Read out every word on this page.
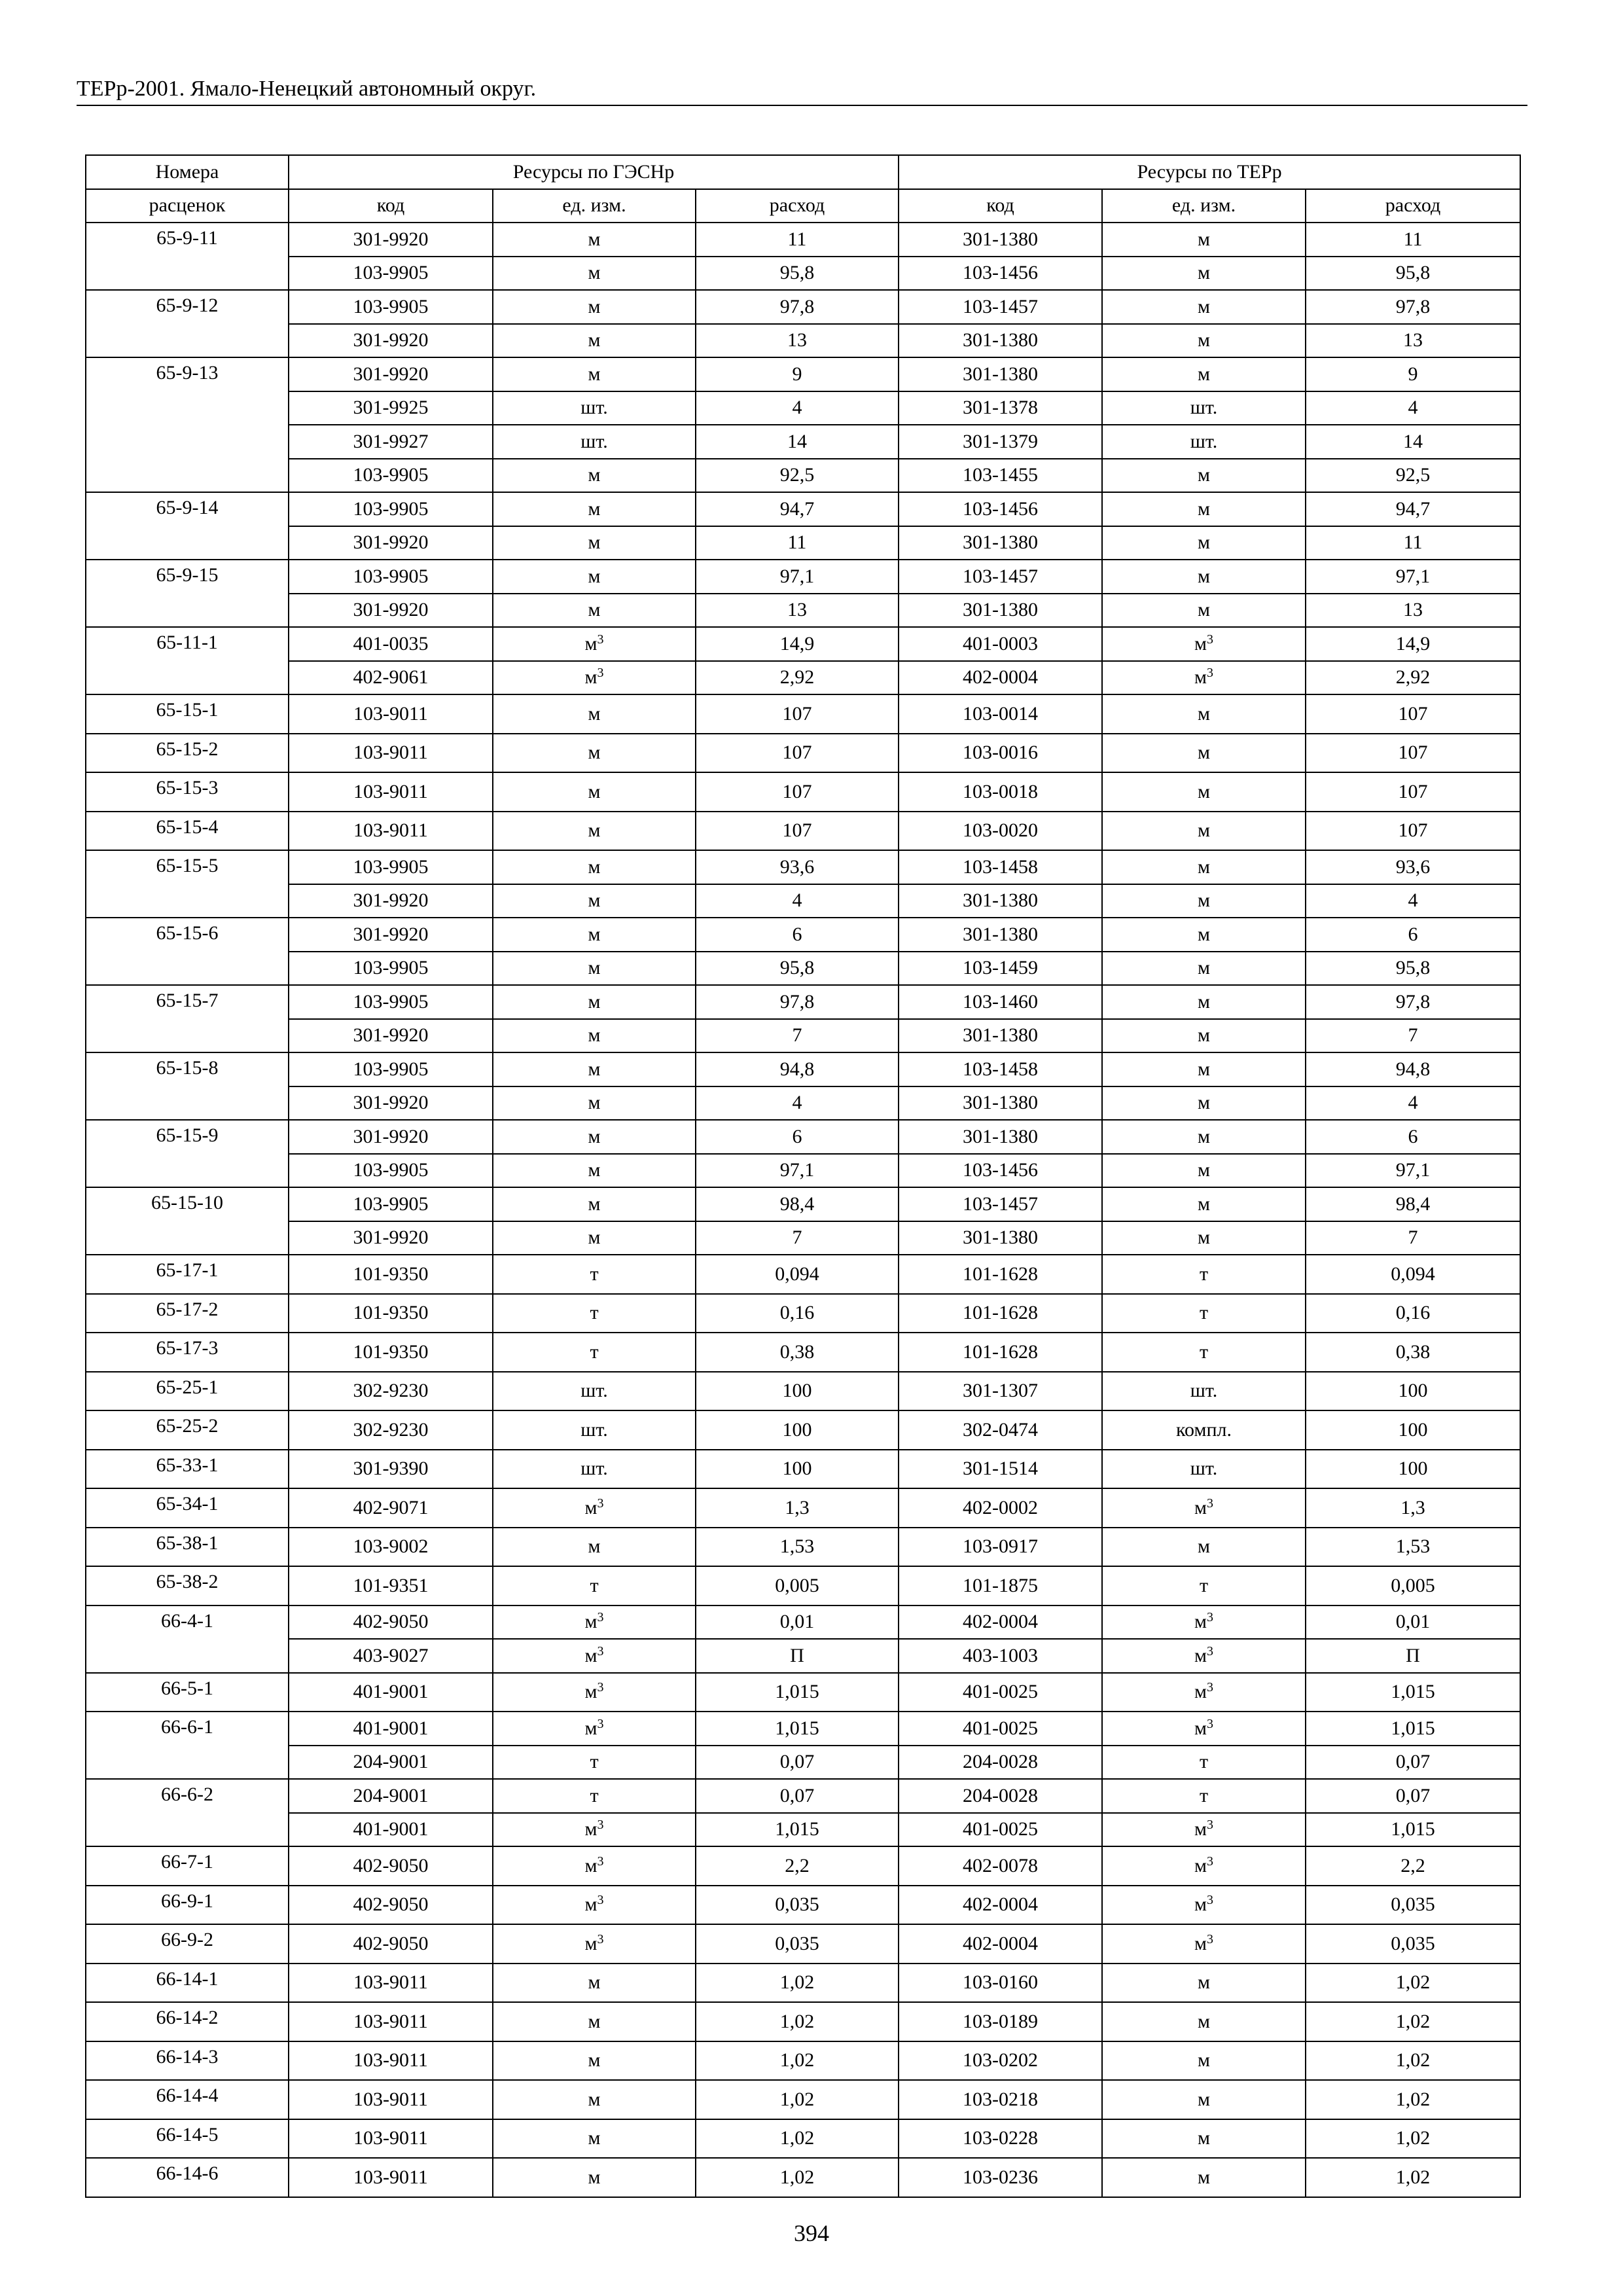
ТЕРр-2001. Ямало-Ненецкий автономный округ.
Номера	Ресурсы по ГЭСНр			Ресурсы по ТЕРр		
расценок	код	ед. изм.	расход	код	ед. изм.	расход
65-9-11	301-9920	м	11	301-1380	м	11
	103-9905	м	95,8	103-1456	м	95,8
65-9-12	103-9905	м	97,8	103-1457	м	97,8
	301-9920	м	13	301-1380	м	13
65-9-13	301-9920	м	9	301-1380	м	9
	301-9925	шт.	4	301-1378	шт.	4
	301-9927	шт.	14	301-1379	шт.	14
	103-9905	м	92,5	103-1455	м	92,5
65-9-14	103-9905	м	94,7	103-1456	м	94,7
	301-9920	м	11	301-1380	м	11
65-9-15	103-9905	м	97,1	103-1457	м	97,1
	301-9920	м	13	301-1380	м	13
65-11-1	401-0035	$м^3$	14,9	401-0003	$м^3$	14,9
	402-9061	$м^3$	2,92	402-0004	$м^3$	2,92
65-15-1	103-9011	м	107	103-0014	м	107
65-15-2	103-9011	м	107	103-0016	м	107
65-15-3	103-9011	м	107	103-0018	м	107
65-15-4	103-9011	м	107	103-0020	м	107
65-15-5	103-9905	м	93,6	103-1458	м	93,6
	301-9920	м	4	301-1380	м	4
65-15-6	301-9920	м	6	301-1380	м	6
	103-9905	м	95,8	103-1459	м	95,8
65-15-7	103-9905	м	97,8	103-1460	м	97,8
	301-9920	м	7	301-1380	м	7
65-15-8	103-9905	м	94,8	103-1458	м	94,8
	301-9920	м	4	301-1380	м	4
65-15-9	301-9920	м	6	301-1380	м	6
	103-9905	м	97,1	103-1456	м	97,1
65-15-10	103-9905	м	98,4	103-1457	м	98,4
	301-9920	м	7	301-1380	м	7
65-17-1	101-9350	т	0,094	101-1628	т	0,094
65-17-2	101-9350	т	0,16	101-1628	т	0,16
65-17-3	101-9350	т	0,38	101-1628	т	0,38
65-25-1	302-9230	шт.	100	301-1307	шт.	100
65-25-2	302-9230	шт.	100	302-0474	компл.	100
65-33-1	301-9390	шт.	100	301-1514	шт.	100
65-34-1	402-9071	$м^3$	1,3	402-0002	$м^3$	1,3
65-38-1	103-9002	м	1,53	103-0917	м	1,53
65-38-2	101-9351	т	0,005	101-1875	т	0,005
66-4-1	402-9050	$м^3$	0,01	402-0004	$м^3$	0,01
	403-9027	$м^3$	П	403-1003	$м^3$	П
66-5-1	401-9001	$м^3$	1,015	401-0025	$м^3$	1,015
66-6-1	401-9001	$м^3$	1,015	401-0025	$м^3$	1,015
	204-9001	т	0,07	204-0028	т	0,07
66-6-2	204-9001	т	0,07	204-0028	т	0,07
	401-9001	$м^3$	1,015	401-0025	$м^3$	1,015
66-7-1	402-9050	$м^3$	2,2	402-0078	$м^3$	2,2
66-9-1	402-9050	$м^3$	0,035	402-0004	$м^3$	0,035
66-9-2	402-9050	$м^3$	0,035	402-0004	$м^3$	0,035
66-14-1	103-9011	м	1,02	103-0160	м	1,02
66-14-2	103-9011	м	1,02	103-0189	м	1,02
66-14-3	103-9011	м	1,02	103-0202	м	1,02
66-14-4	103-9011	м	1,02	103-0218	м	1,02
66-14-5	103-9011	м	1,02	103-0228	м	1,02
66-14-6	103-9011	м	1,02	103-0236	м	1,02
394
